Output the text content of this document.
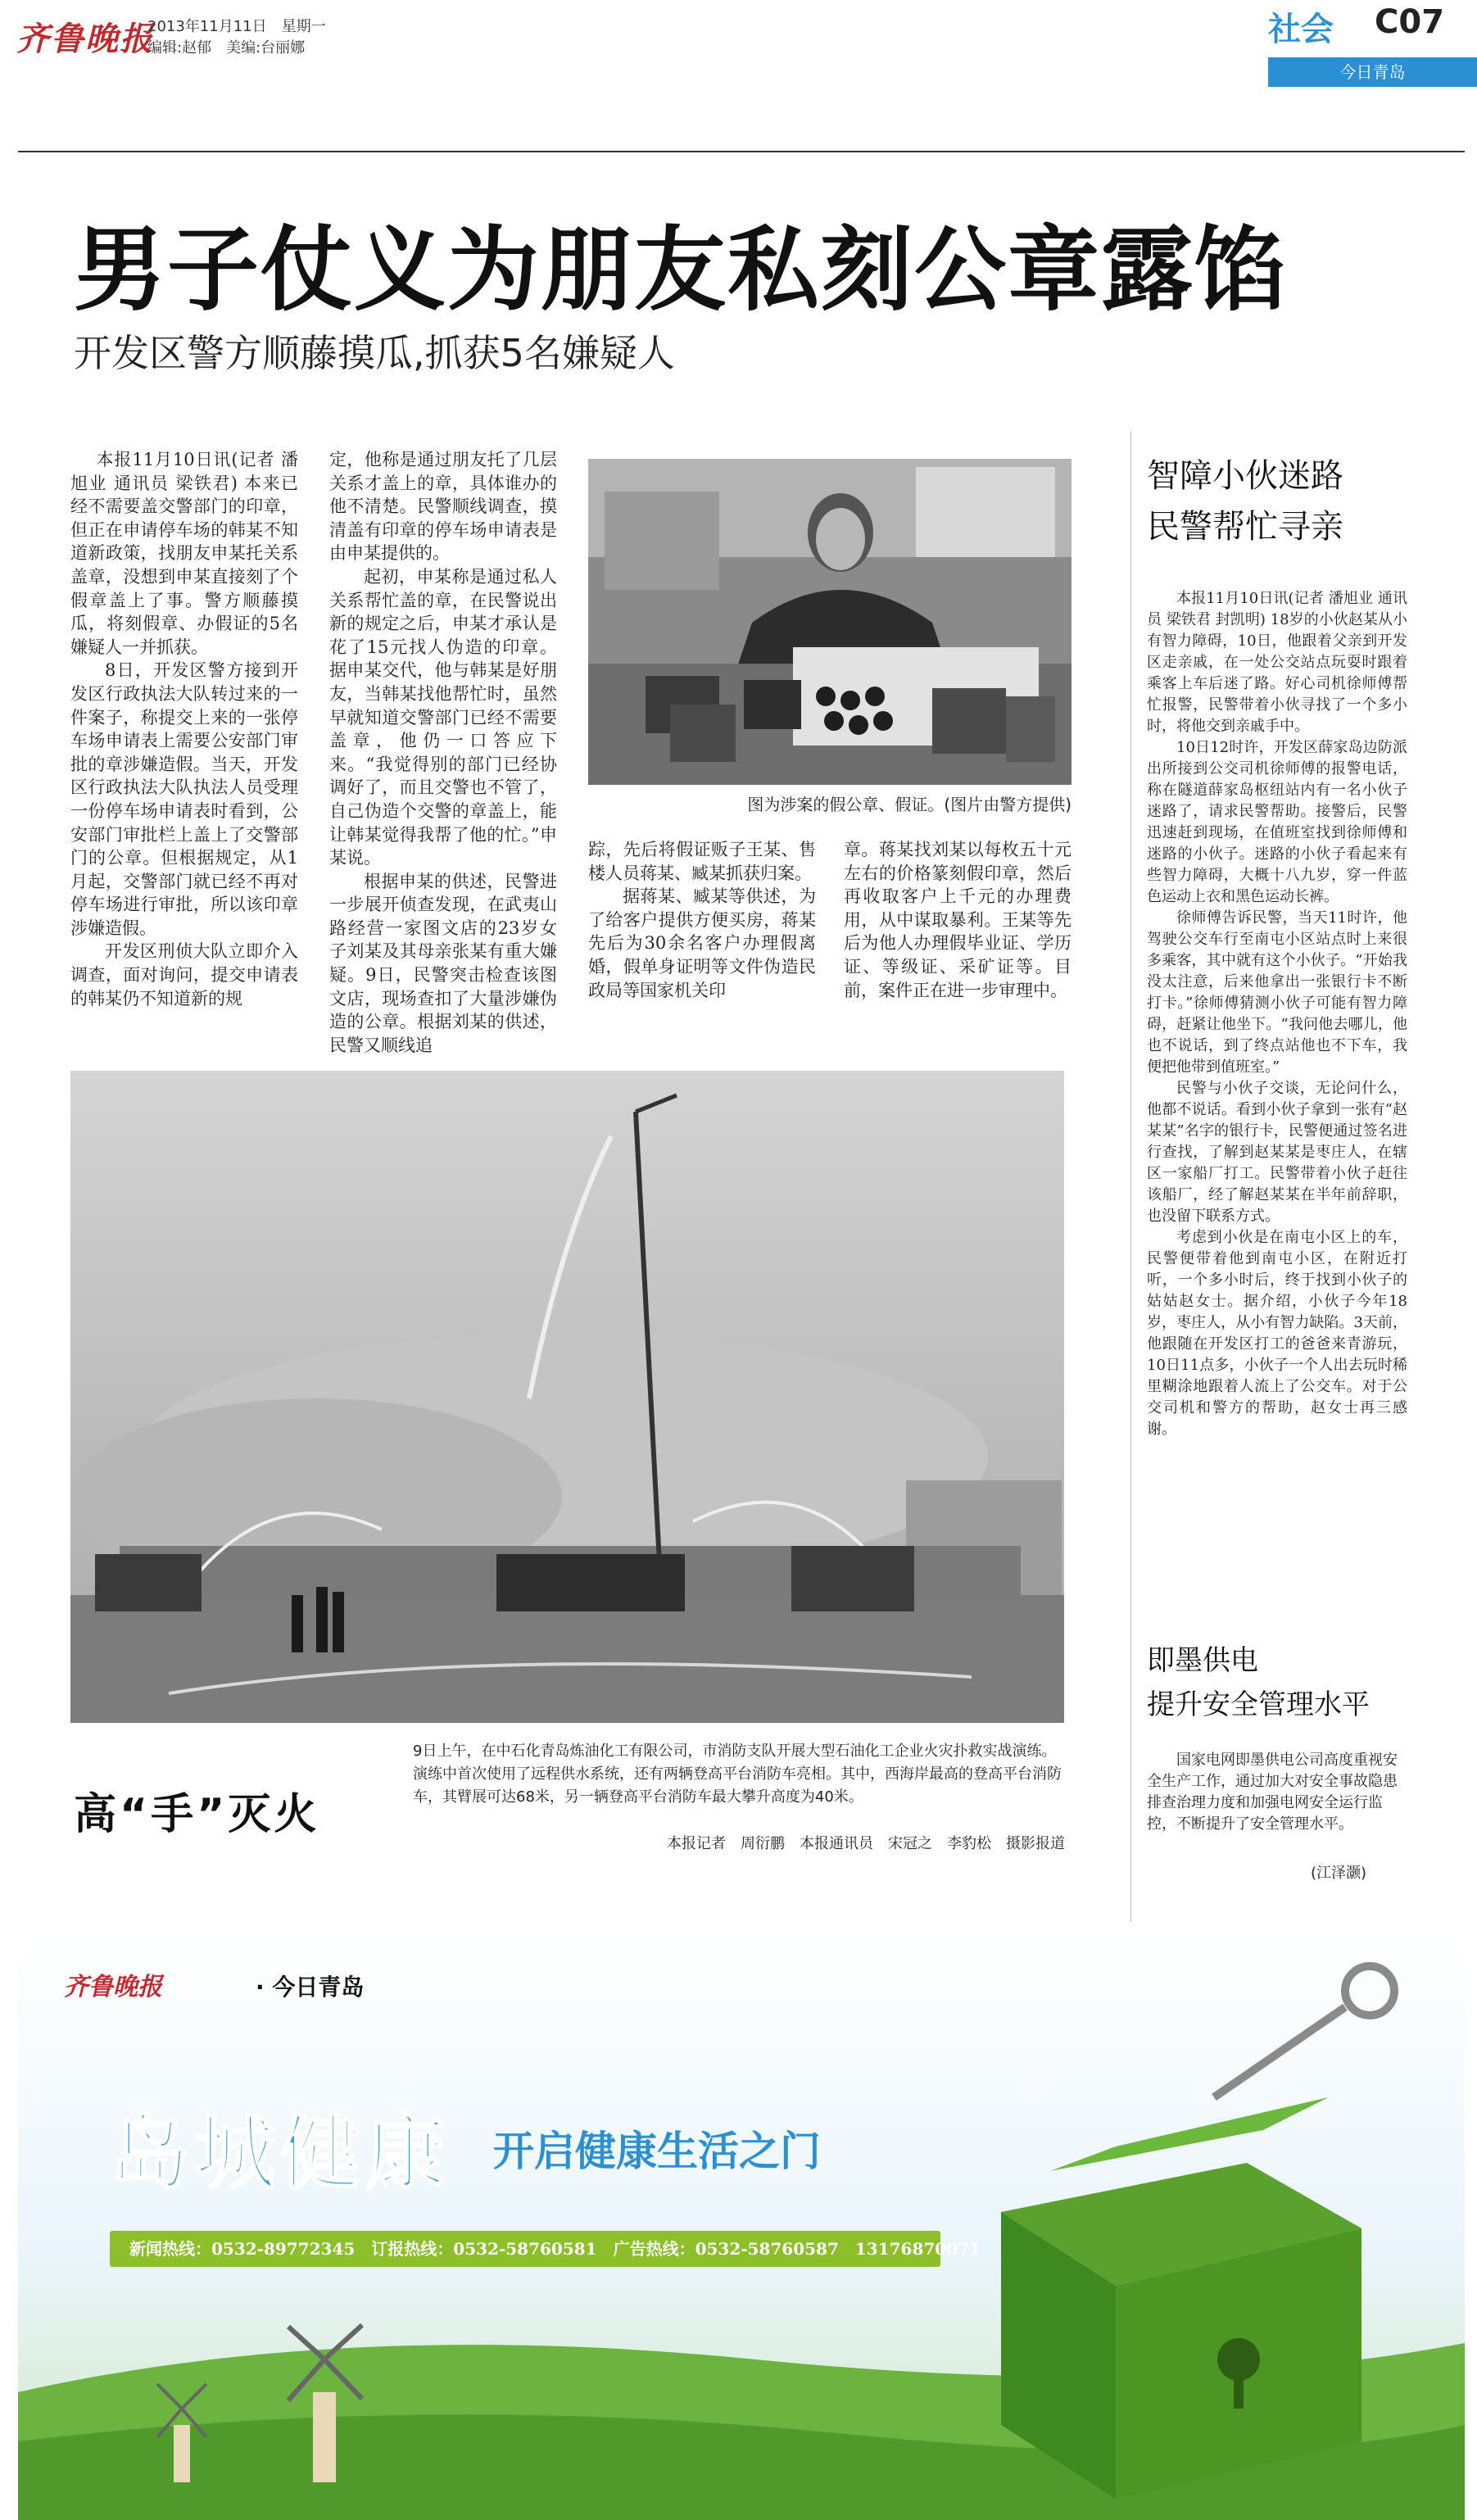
齐鲁晚报
2013年11月11日　星期一
编辑:赵郁　美编:台丽娜	社会 C07
今日青岛
男子仗义为朋友私刻公章露馅
开发区警方顺藤摸瓜,抓获5名嫌疑人

本报11月10日讯(记者 潘旭业 通讯员 梁铁君) 本来已经不需要盖交警部门的印章，但正在申请停车场的韩某不知道新政策，找朋友申某托关系盖章，没想到申某直接刻了个假章盖上了事。警方顺藤摸瓜，将刻假章、办假证的5名嫌疑人一并抓获。

8日，开发区警方接到开发区行政执法大队转过来的一件案子，称提交上来的一张停车场申请表上需要公安部门审批的章涉嫌造假。当天，开发区行政执法大队执法人员受理一份停车场申请表时看到，公安部门审批栏上盖上了交警部门的公章。但根据规定，从1月起，交警部门就已经不再对停车场进行审批，所以该印章涉嫌造假。

开发区刑侦大队立即介入调查，面对询问，提交申请表的韩某仍不知道新的规

定，他称是通过朋友托了几层关系才盖上的章，具体谁办的他不清楚。民警顺线调查，摸清盖有印章的停车场申请表是由申某提供的。

起初，申某称是通过私人关系帮忙盖的章，在民警说出新的规定之后，申某才承认是花了15元找人伪造的印章。据申某交代，他与韩某是好朋友，当韩某找他帮忙时，虽然早就知道交警部门已经不需要盖章，他仍一口答应下来。“我觉得别的部门已经协调好了，而且交警也不管了，自己伪造个交警的章盖上，能让韩某觉得我帮了他的忙。”申某说。

根据申某的供述，民警进一步展开侦查发现，在武夷山路经营一家图文店的23岁女子刘某及其母亲张某有重大嫌疑。9日，民警突击检查该图文店，现场查扣了大量涉嫌伪造的公章。根据刘某的供述，民警又顺线追

踪，先后将假证贩子王某、售楼人员蒋某、臧某抓获归案。

据蒋某、臧某等供述，为了给客户提供方便买房，蒋某先后为30余名客户办理假离婚，假单身证明等文件伪造民政局等国家机关印

章。蒋某找刘某以每枚五十元左右的价格篆刻假印章，然后再收取客户上千元的办理费用，从中谋取暴利。王某等先后为他人办理假毕业证、学历证、等级证、采矿证等。目前，案件正在进一步审理中。

图为涉案的假公章、假证。(图片由警方提供)
高“手”灭火
9日上午，在中石化青岛炼油化工有限公司，市消防支队开展大型石油化工企业火灾扑救实战演练。演练中首次使用了远程供水系统，还有两辆登高平台消防车亮相。其中，西海岸最高的登高平台消防车，其臂展可达68米，另一辆登高平台消防车最大攀升高度为40米。
本报记者　周衍鹏　本报通讯员　宋冠之　李豹松　摄影报道
智障小伙迷路
民警帮忙寻亲

本报11月10日讯(记者 潘旭业 通讯员 梁铁君 封凯明) 18岁的小伙赵某从小有智力障碍，10日，他跟着父亲到开发区走亲戚，在一处公交站点玩耍时跟着乘客上车后迷了路。好心司机徐师傅帮忙报警，民警带着小伙寻找了一个多小时，将他交到亲戚手中。

10日12时许，开发区薛家岛边防派出所接到公交司机徐师傅的报警电话，称在隧道薛家岛枢纽站内有一名小伙子迷路了，请求民警帮助。接警后，民警迅速赶到现场，在值班室找到徐师傅和迷路的小伙子。迷路的小伙子看起来有些智力障碍，大概十八九岁，穿一件蓝色运动上衣和黑色运动长裤。

徐师傅告诉民警，当天11时许，他驾驶公交车行至南屯小区站点时上来很多乘客，其中就有这个小伙子。“开始我没太注意，后来他拿出一张银行卡不断打卡。”徐师傅猜测小伙子可能有智力障碍，赶紧让他坐下。“我问他去哪儿，他也不说话，到了终点站他也不下车，我便把他带到值班室。”

民警与小伙子交谈，无论问什么，他都不说话。看到小伙子拿到一张有“赵某某”名字的银行卡，民警便通过签名进行查找，了解到赵某某是枣庄人，在辖区一家船厂打工。民警带着小伙子赶往该船厂，经了解赵某某在半年前辞职，也没留下联系方式。

考虑到小伙是在南屯小区上的车，民警便带着他到南屯小区，在附近打听，一个多小时后，终于找到小伙子的姑姑赵女士。据介绍，小伙子今年18岁，枣庄人，从小有智力缺陷。3天前，他跟随在开发区打工的爸爸来青游玩，10日11点多，小伙子一个人出去玩时稀里糊涂地跟着人流上了公交车。对于公交司机和警方的帮助，赵女士再三感谢。

即墨供电
提升安全管理水平
国家电网即墨供电公司高度重视安全生产工作，通过加大对安全事故隐患排查治理力度和加强电网安全运行监控，不断提升了安全管理水平。
(江泽灏)
齐鲁晚报	· 今日青岛
岛城健康 开启健康生活之门
新闻热线：0532-89772345　订报热线：0532-58760581　广告热线：0532-58760587　13176870071
